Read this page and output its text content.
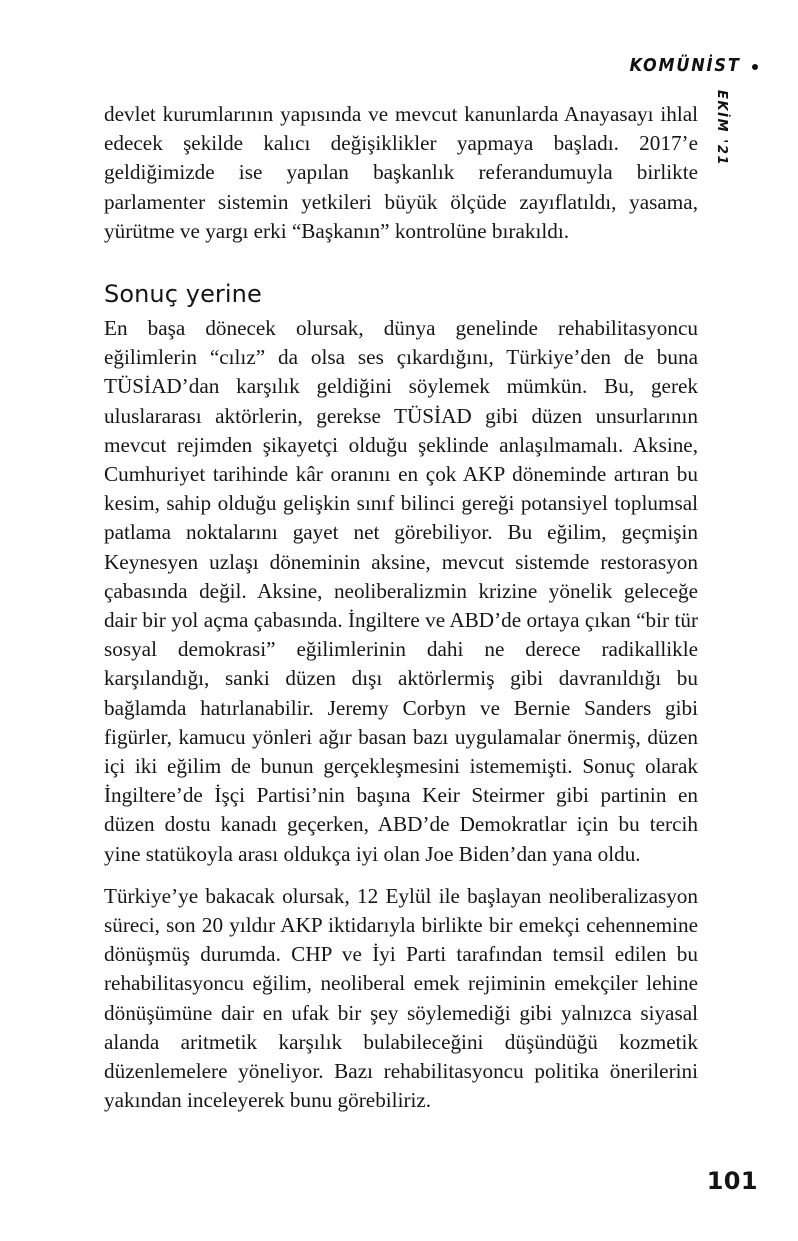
KOMÜNİST
EKİM '21

devlet kurumlarının yapısında ve mevcut kanunlarda Anayasayı ihlal edecek şekilde kalıcı değişiklikler yapmaya başladı. 2017’e geldiğimizde ise yapılan başkanlık referandumuyla birlikte parlamenter sistemin yetkileri büyük ölçüde zayıflatıldı, yasama, yürütme ve yargı erki “Başkanın” kontrolüne bırakıldı.

Sonuç yerine

En başa dönecek olursak, dünya genelinde rehabilitasyoncu eğilimlerin “cılız” da olsa ses çıkardığını, Türkiye’den de buna TÜSİAD’dan karşılık geldiğini söylemek mümkün. Bu, gerek uluslararası aktörlerin, gerekse TÜSİAD gibi düzen unsurlarının mevcut rejimden şikayetçi olduğu şeklinde anlaşılmamalı. Aksine, Cumhuriyet tarihinde kâr oranını en çok AKP döneminde artıran bu kesim, sahip olduğu gelişkin sınıf bilinci gereği potansiyel toplumsal patlama noktalarını gayet net görebiliyor. Bu eğilim, geçmişin Keynesyen uzlaşı döneminin aksine, mevcut sistemde restorasyon çabasında değil. Aksine, neoliberalizmin krizine yönelik geleceğe dair bir yol açma çabasında. İngiltere ve ABD’de ortaya çıkan “bir tür sosyal demokrasi” eğilimlerinin dahi ne derece radikallikle karşılandığı, sanki düzen dışı aktörlermiş gibi davranıldığı bu bağlamda hatırlanabilir. Jeremy Corbyn ve Bernie Sanders gibi figürler, kamucu yönleri ağır basan bazı uygulamalar önermiş, düzen içi iki eğilim de bunun gerçekleşmesini istememişti. Sonuç olarak İngiltere’de İşçi Partisi’nin başına Keir Steirmer gibi partinin en düzen dostu kanadı geçerken, ABD’de Demokratlar için bu tercih yine statükoyla arası oldukça iyi olan Joe Biden’dan yana oldu.

Türkiye’ye bakacak olursak, 12 Eylül ile başlayan neoliberalizasyon süreci, son 20 yıldır AKP iktidarıyla birlikte bir emekçi cehennemine dönüşmüş durumda. CHP ve İyi Parti tarafından temsil edilen bu rehabilitasyoncu eğilim, neoliberal emek rejiminin emekçiler lehine dönüşümüne dair en ufak bir şey söylemediği gibi yalnızca siyasal alanda aritmetik karşılık bulabileceğini düşündüğü kozmetik düzenlemelere yöneliyor. Bazı rehabilitasyoncu politika önerilerini yakından inceleyerek bunu görebiliriz.

101
